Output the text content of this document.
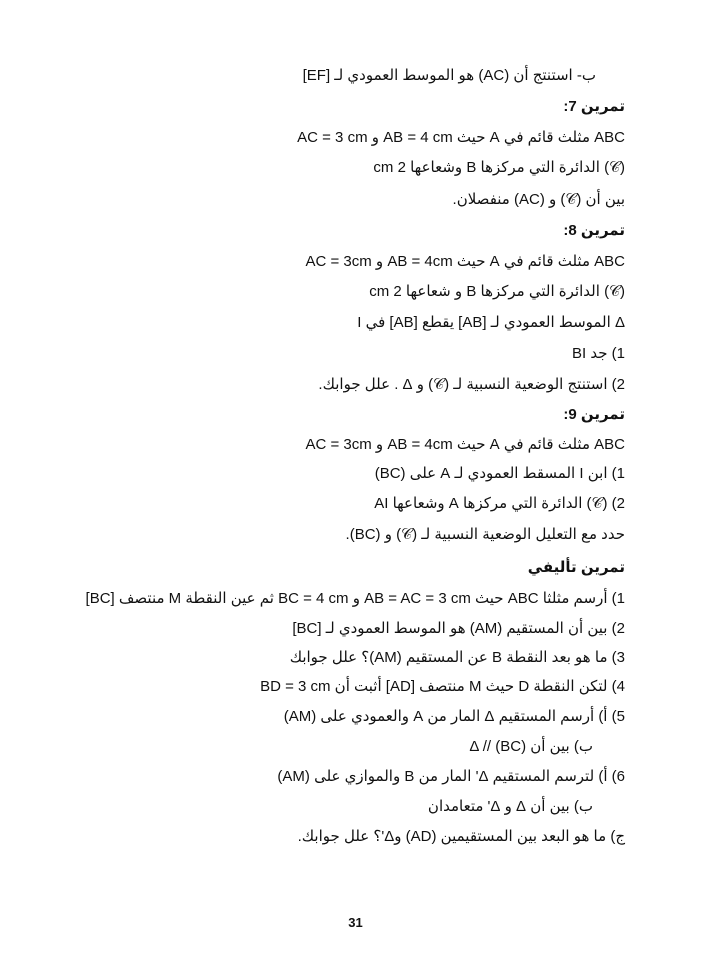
ب- استنتج أن (AC) هو الموسط العمودي لـ [EF]
تمرين 7:
ABC مثلث قائم في A حيث AB = 4 cm و AC = 3 cm
(𝒞) الدائرة التي مركزها B وشعاعها 2 cm
بين أن (𝒞) و (AC) منفصلان.
تمرين 8:
ABC مثلث قائم في A حيث AB = 4cm و AC = 3cm
(𝒞) الدائرة التي مركزها B و شعاعها 2 cm
Δ الموسط العمودي لـ [AB] يقطع [AB] في I
1) جد BI
2) استنتج الوضعية النسبية لـ (𝒞) و Δ . علل جوابك.
تمرين 9:
ABC مثلث قائم في A حيث AB = 4cm و AC = 3cm
1) ابن I المسقط العمودي لـ A على (BC)
2) (𝒞) الدائرة التي مركزها A وشعاعها AI
حدد مع التعليل الوضعية النسبية لـ (𝒞) و (BC).
تمرين تأليفي
1) أرسم مثلثا ABC حيث AB = AC = 3 cm و BC = 4 cm ثم عين النقطة M منتصف [BC]
2) بين أن المستقيم (AM) هو الموسط العمودي لـ [BC]
3) ما هو بعد النقطة B عن المستقيم (AM)؟ علل جوابك
4) لتكن النقطة D حيث M منتصف [AD] أثبت أن BD = 3 cm
5) أ) أرسم المستقيم Δ المار من A والعمودي على (AM)
ب) بين أن Δ // (BC)
6) أ) لترسم المستقيم Δ' المار من B والموازي على (AM)
ب) بين أن Δ و Δ' متعامدان
ج) ما هو البعد بين المستقيمين (AD) وΔ'؟ علل جوابك.
31
